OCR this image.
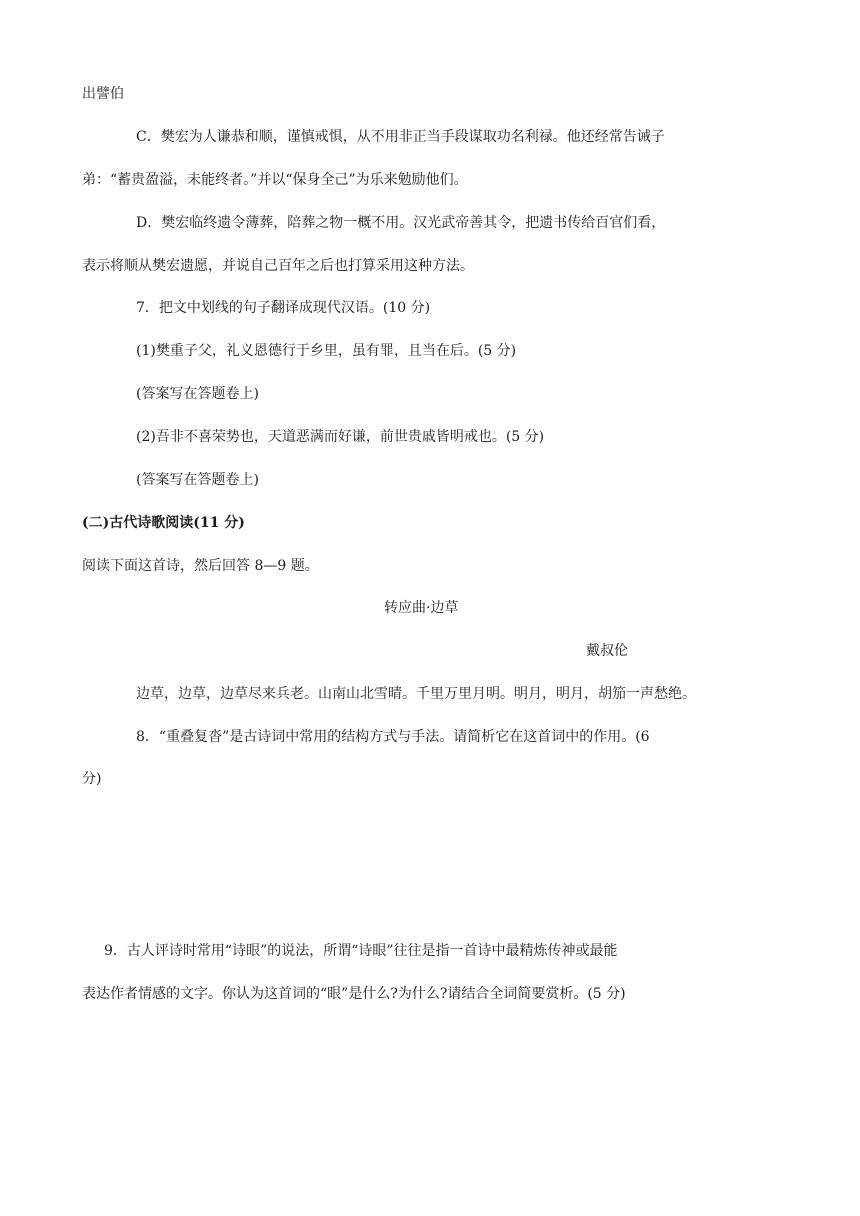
出譬伯
C．樊宏为人谦恭和顺，谨慎戒惧，从不用非正当手段谋取功名利禄。他还经常告诫子
弟：“蓄贵盈溢，未能终者。”并以“保身全己”为乐来勉励他们。
D．樊宏临终遗令薄葬，陪葬之物一概不用。汉光武帝善其令，把遗书传给百官们看，
表示将顺从樊宏遗愿，并说自己百年之后也打算采用这种方法。
7．把文中划线的句子翻译成现代汉语。(10 分)
(1)樊重子父，礼义恩德行于乡里，虽有罪，且当在后。(5 分)
(答案写在答题卷上)
(2)吾非不喜荣势也，天道恶满而好谦，前世贵戚皆明戒也。(5 分)
(答案写在答题卷上)
(二)古代诗歌阅读(11 分)
阅读下面这首诗，然后回答 8—9 题。
转应曲·边草
戴叔伦
边草，边草，边草尽来兵老。山南山北雪晴。千里万里月明。明月，明月，胡笳一声愁绝。
8．“重叠复沓”是古诗词中常用的结构方式与手法。请简析它在这首词中的作用。(6
分)
9．古人评诗时常用“诗眼”的说法，所谓“诗眼”往往是指一首诗中最精炼传神或最能
表达作者情感的文字。你认为这首词的“眼”是什么?为什么?请结合全词简要赏析。(5 分)
